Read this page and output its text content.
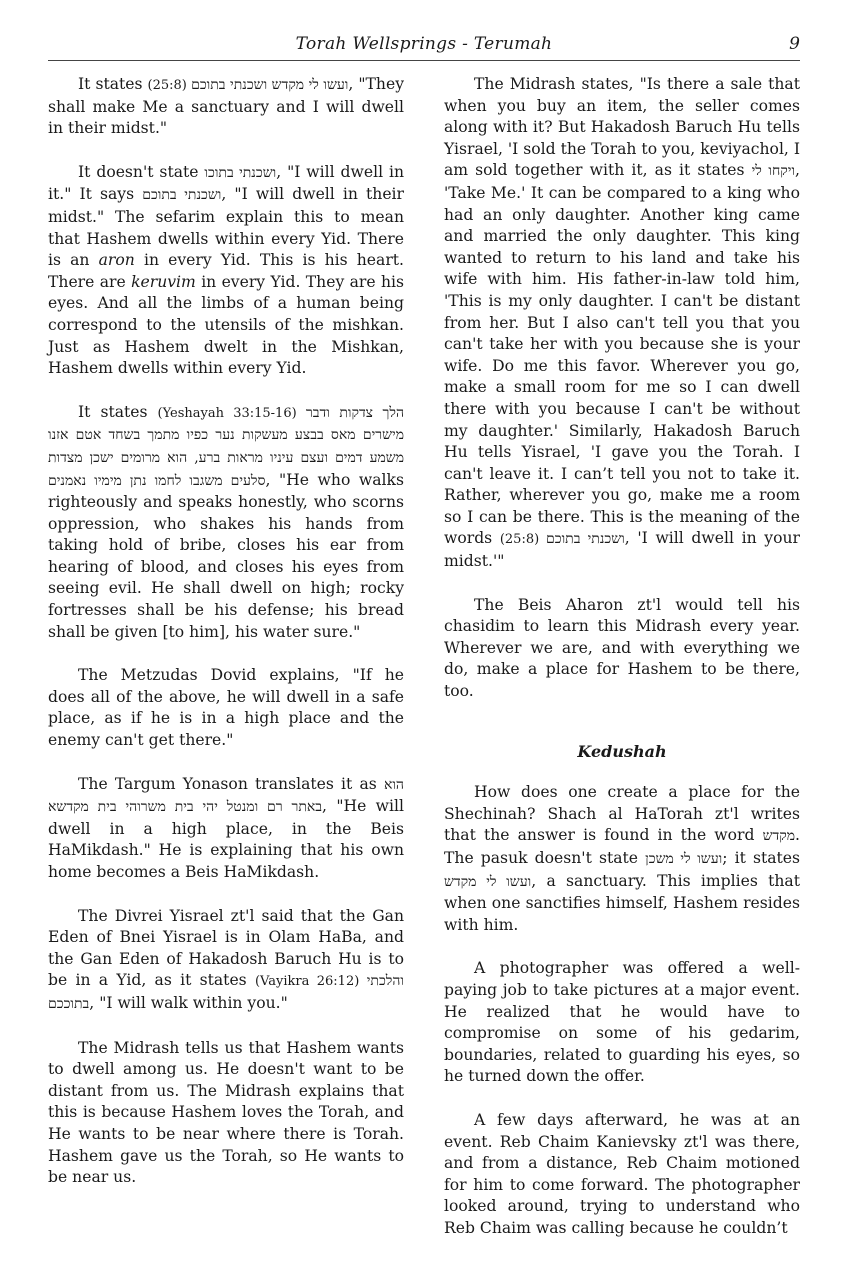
Torah Wellsprings - Terumah	9

It states (25:8) ועשו לי מקדש ושכנתי בתוכם, "They shall make Me a sanctuary and I will dwell in their midst."

It doesn't state ושכנתי בתוכו, "I will dwell in it." It says ושכנתי בתוכם, "I will dwell in their midst." The sefarim explain this to mean that Hashem dwells within every Yid. There is an aron in every Yid. This is his heart. There are keruvim in every Yid. They are his eyes. And all the limbs of a human being correspond to the utensils of the mishkan. Just as Hashem dwelt in the Mishkan, Hashem dwells within every Yid.

It states (Yeshayah 33:15-16) הלך צדקות ודבר מישרים מאס בבצע מעשקות נער כפיו מתמך בשחד אטם אזנו משמע דמים ועצם עיניו מראות ברע, הוא מרומים ישכן מצדות סלעים משגבו לחמו נתן מימיו נאמנים, "He who walks righteously and speaks honestly, who scorns oppression, who shakes his hands from taking hold of bribe, closes his ear from hearing of blood, and closes his eyes from seeing evil. He shall dwell on high; rocky fortresses shall be his defense; his bread shall be given [to him], his water sure."

The Metzudas Dovid explains, "If he does all of the above, he will dwell in a safe place, as if he is in a high place and the enemy can't get there."

The Targum Yonason translates it as הוא באתר רם ומנטל יהי בית משרוהי בית מקדשא, "He will dwell in a high place, in the Beis HaMikdash." He is explaining that his own home becomes a Beis HaMikdash.

The Divrei Yisrael zt'l said that the Gan Eden of Bnei Yisrael is in Olam HaBa, and the Gan Eden of Hakadosh Baruch Hu is to be in a Yid, as it states (Vayikra 26:12) והלכתי בתוככם, "I will walk within you."

The Midrash tells us that Hashem wants to dwell among us. He doesn't want to be distant from us. The Midrash explains that this is because Hashem loves the Torah, and He wants to be near where there is Torah. Hashem gave us the Torah, so He wants to be near us.

The Midrash states, "Is there a sale that when you buy an item, the seller comes along with it? But Hakadosh Baruch Hu tells Yisrael, 'I sold the Torah to you, keviyachol, I am sold together with it, as it states ויקחו לי, 'Take Me.' It can be compared to a king who had an only daughter. Another king came and married the only daughter. This king wanted to return to his land and take his wife with him. His father-in-law told him, 'This is my only daughter. I can't be distant from her. But I also can't tell you that you can't take her with you because she is your wife. Do me this favor. Wherever you go, make a small room for me so I can dwell there with you because I can't be without my daughter.' Similarly, Hakadosh Baruch Hu tells Yisrael, 'I gave you the Torah. I can't leave it. I can’t tell you not to take it. Rather, wherever you go, make me a room so I can be there. This is the meaning of the words (25:8) ושכנתי בתוכם, 'I will dwell in your midst.'"

The Beis Aharon zt'l would tell his chasidim to learn this Midrash every year. Wherever we are, and with everything we do, make a place for Hashem to be there, too.

Kedushah

How does one create a place for the Shechinah? Shach al HaTorah zt'l writes that the answer is found in the word מקדש. The pasuk doesn't state ועשו לי משכן; it states ועשו לי מקדש, a sanctuary. This implies that when one sanctifies himself, Hashem resides with him.

A photographer was offered a well-paying job to take pictures at a major event. He realized that he would have to compromise on some of his gedarim, boundaries, related to guarding his eyes, so he turned down the offer.

A few days afterward, he was at an event. Reb Chaim Kanievsky zt'l was there, and from a distance, Reb Chaim motioned for him to come forward. The photographer looked around, trying to understand who Reb Chaim was calling because he couldn’t
